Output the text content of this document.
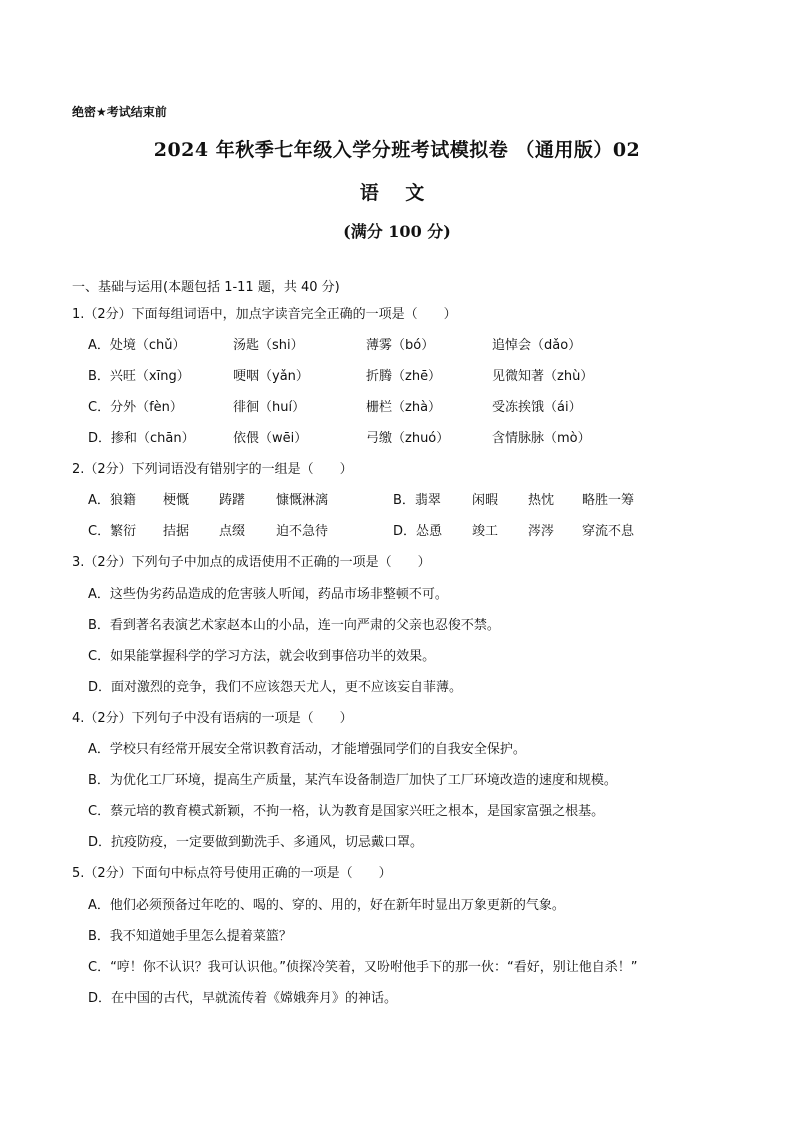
绝密★考试结束前
2024 年秋季七年级入学分班考试模拟卷 （通用版）02
语 文
(满分 100 分)
一、基础与运用(本题包括 1-11 题，共 40 分)
1.（2分）下面每组词语中，加点字读音完全正确的一项是（　　）
A．处境（chǔ）	汤匙（shi）	薄雾（bó）	追悼会（dǎo）
B．兴旺（xīng）	哽咽（yǎn）	折腾（zhē）	见微知著（zhù）
C．分外（fèn）	徘徊（huí）	栅栏（zhà）	受冻挨饿（ái）
D．掺和（chān）	依偎（wēi）	弓缴（zhuó）	含情脉脉（mò）
2.（2分）下列词语没有错别字的一组是（　　）
A．狼籍 梗慨 踌躇 慷慨淋漓	B．翡翠 闲暇 热忱 略胜一筹
C．繁衍 拮据 点缀 迫不急待	D．怂恿 竣工 涔涔 穿流不息
3.（2分）下列句子中加点的成语使用不正确的一项是（　　）
A．这些伪劣药品造成的危害骇人听闻，药品市场非整顿不可。
B．看到著名表演艺术家赵本山的小品，连一向严肃的父亲也忍俊不禁。
C．如果能掌握科学的学习方法，就会收到事倍功半的效果。
D．面对激烈的竞争，我们不应该怨天尤人，更不应该妄自菲薄。
4.（2分）下列句子中没有语病的一项是（　　）
A．学校只有经常开展安全常识教育活动，才能增强同学们的自我安全保护。
B．为优化工厂环境，提高生产质量，某汽车设备制造厂加快了工厂环境改造的速度和规模。
C．蔡元培的教育模式新颖，不拘一格，认为教育是国家兴旺之根本，是国家富强之根基。
D．抗疫防疫，一定要做到勤洗手、多通风，切忌戴口罩。
5.（2分）下面句中标点符号使用正确的一项是（　　）
A．他们必须预备过年吃的、喝的、穿的、用的，好在新年时显出万象更新的气象。
B．我不知道她手里怎么提着菜篮？
C．“哼！你不认识？我可认识他。”侦探冷笑着，又吩咐他手下的那一伙：“看好，别让他自杀！”
D．在中国的古代，早就流传着《嫦娥奔月》的神话。
